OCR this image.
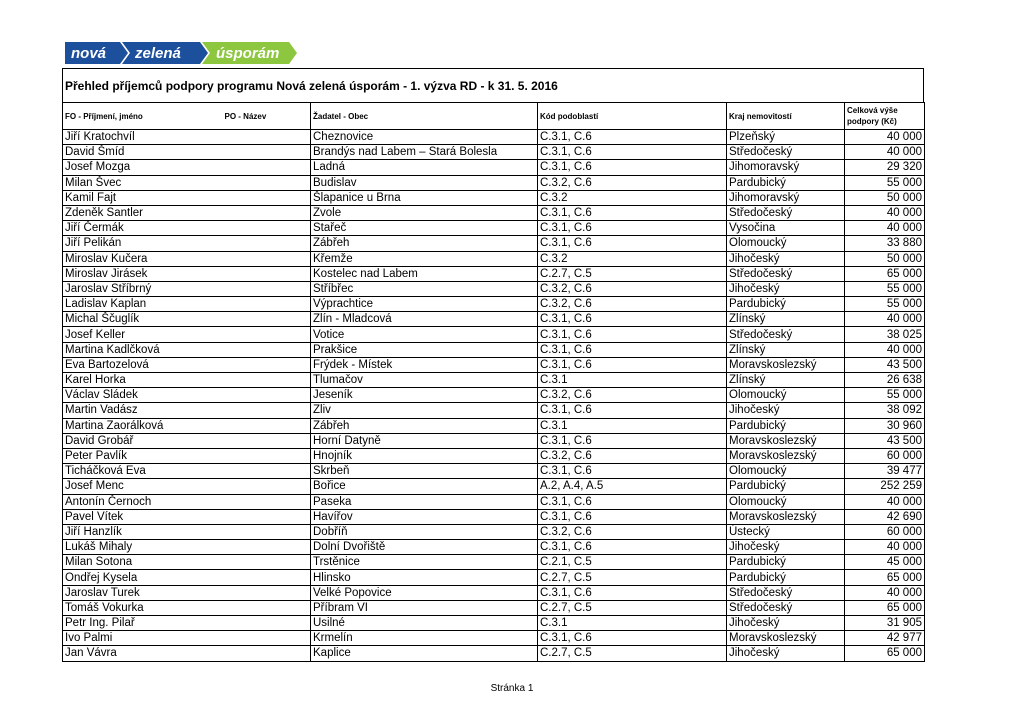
nová zelená úsporám
Přehled příjemců podpory programu Nová zelená úsporám - 1. výzva RD - k 31. 5. 2016
FO - Příjmení, jméno	PO - Název	Žadatel - Obec	Kód podoblastí	Kraj nemovitostí	Celková výše podpory (Kč)
Jiří Kratochvíl		Cheznovice	C.3.1, C.6	Plzeňský	40 000
David Šmíd		Brandýs nad Labem – Stará Bolesla	C.3.1, C.6	Středočeský	40 000
Josef Mozga		Ladná	C.3.1, C.6	Jihomoravský	29 320
Milan Švec		Budislav	C.3.2, C.6	Pardubický	55 000
Kamil Fajt		Šlapanice u Brna	C.3.2	Jihomoravský	50 000
Zdeněk Santler		Zvole	C.3.1, C.6	Středočeský	40 000
Jiří Čermák		Stařeč	C.3.1, C.6	Vysočina	40 000
Jiří Pelikán		Zábřeh	C.3.1, C.6	Olomoucký	33 880
Miroslav Kučera		Křemže	C.3.2	Jihočeský	50 000
Miroslav Jirásek		Kostelec nad Labem	C.2.7, C.5	Středočeský	65 000
Jaroslav Stříbrný		Stříbřec	C.3.2, C.6	Jihočeský	55 000
Ladislav Kaplan		Výprachtice	C.3.2, C.6	Pardubický	55 000
Michal Ščuglík		Zlín - Mladcová	C.3.1, C.6	Zlínský	40 000
Josef Keller		Votice	C.3.1, C.6	Středočeský	38 025
Martina Kadlčková		Prakšice	C.3.1, C.6	Zlínský	40 000
Eva Bartozelová		Frýdek - Místek	C.3.1, C.6	Moravskoslezský	43 500
Karel Horka		Tlumačov	C.3.1	Zlínský	26 638
Václav Sládek		Jeseník	C.3.2, C.6	Olomoucký	55 000
Martin Vadász		Zliv	C.3.1, C.6	Jihočeský	38 092
Martina Zaorálková		Zábřeh	C.3.1	Pardubický	30 960
David Grobář		Horní Datyně	C.3.1, C.6	Moravskoslezský	43 500
Peter Pavlík		Hnojník	C.3.2, C.6	Moravskoslezský	60 000
Ticháčková Eva		Skrbeň	C.3.1, C.6	Olomoucký	39 477
Josef Menc		Bořice	A.2, A.4, A.5	Pardubický	252 259
Antonín Černoch		Paseka	C.3.1, C.6	Olomoucký	40 000
Pavel Vítek		Havířov	C.3.1, C.6	Moravskoslezský	42 690
Jiří Hanzlík		Dobříň	C.3.2, C.6	Ústecký	60 000
Lukáš Mihaly		Dolní Dvořiště	C.3.1, C.6	Jihočeský	40 000
Milan Sotona		Trstěnice	C.2.1, C.5	Pardubický	45 000
Ondřej Kysela		Hlinsko	C.2.7, C.5	Pardubický	65 000
Jaroslav Turek		Velké Popovice	C.3.1, C.6	Středočeský	40 000
Tomáš Vokurka		Příbram VI	C.2.7, C.5	Středočeský	65 000
Petr Ing. Pilař		Usilné	C.3.1	Jihočeský	31 905
Ivo Palmi		Krmelín	C.3.1, C.6	Moravskoslezský	42 977
Jan Vávra		Kaplice	C.2.7, C.5	Jihočeský	65 000
Stránka 1
